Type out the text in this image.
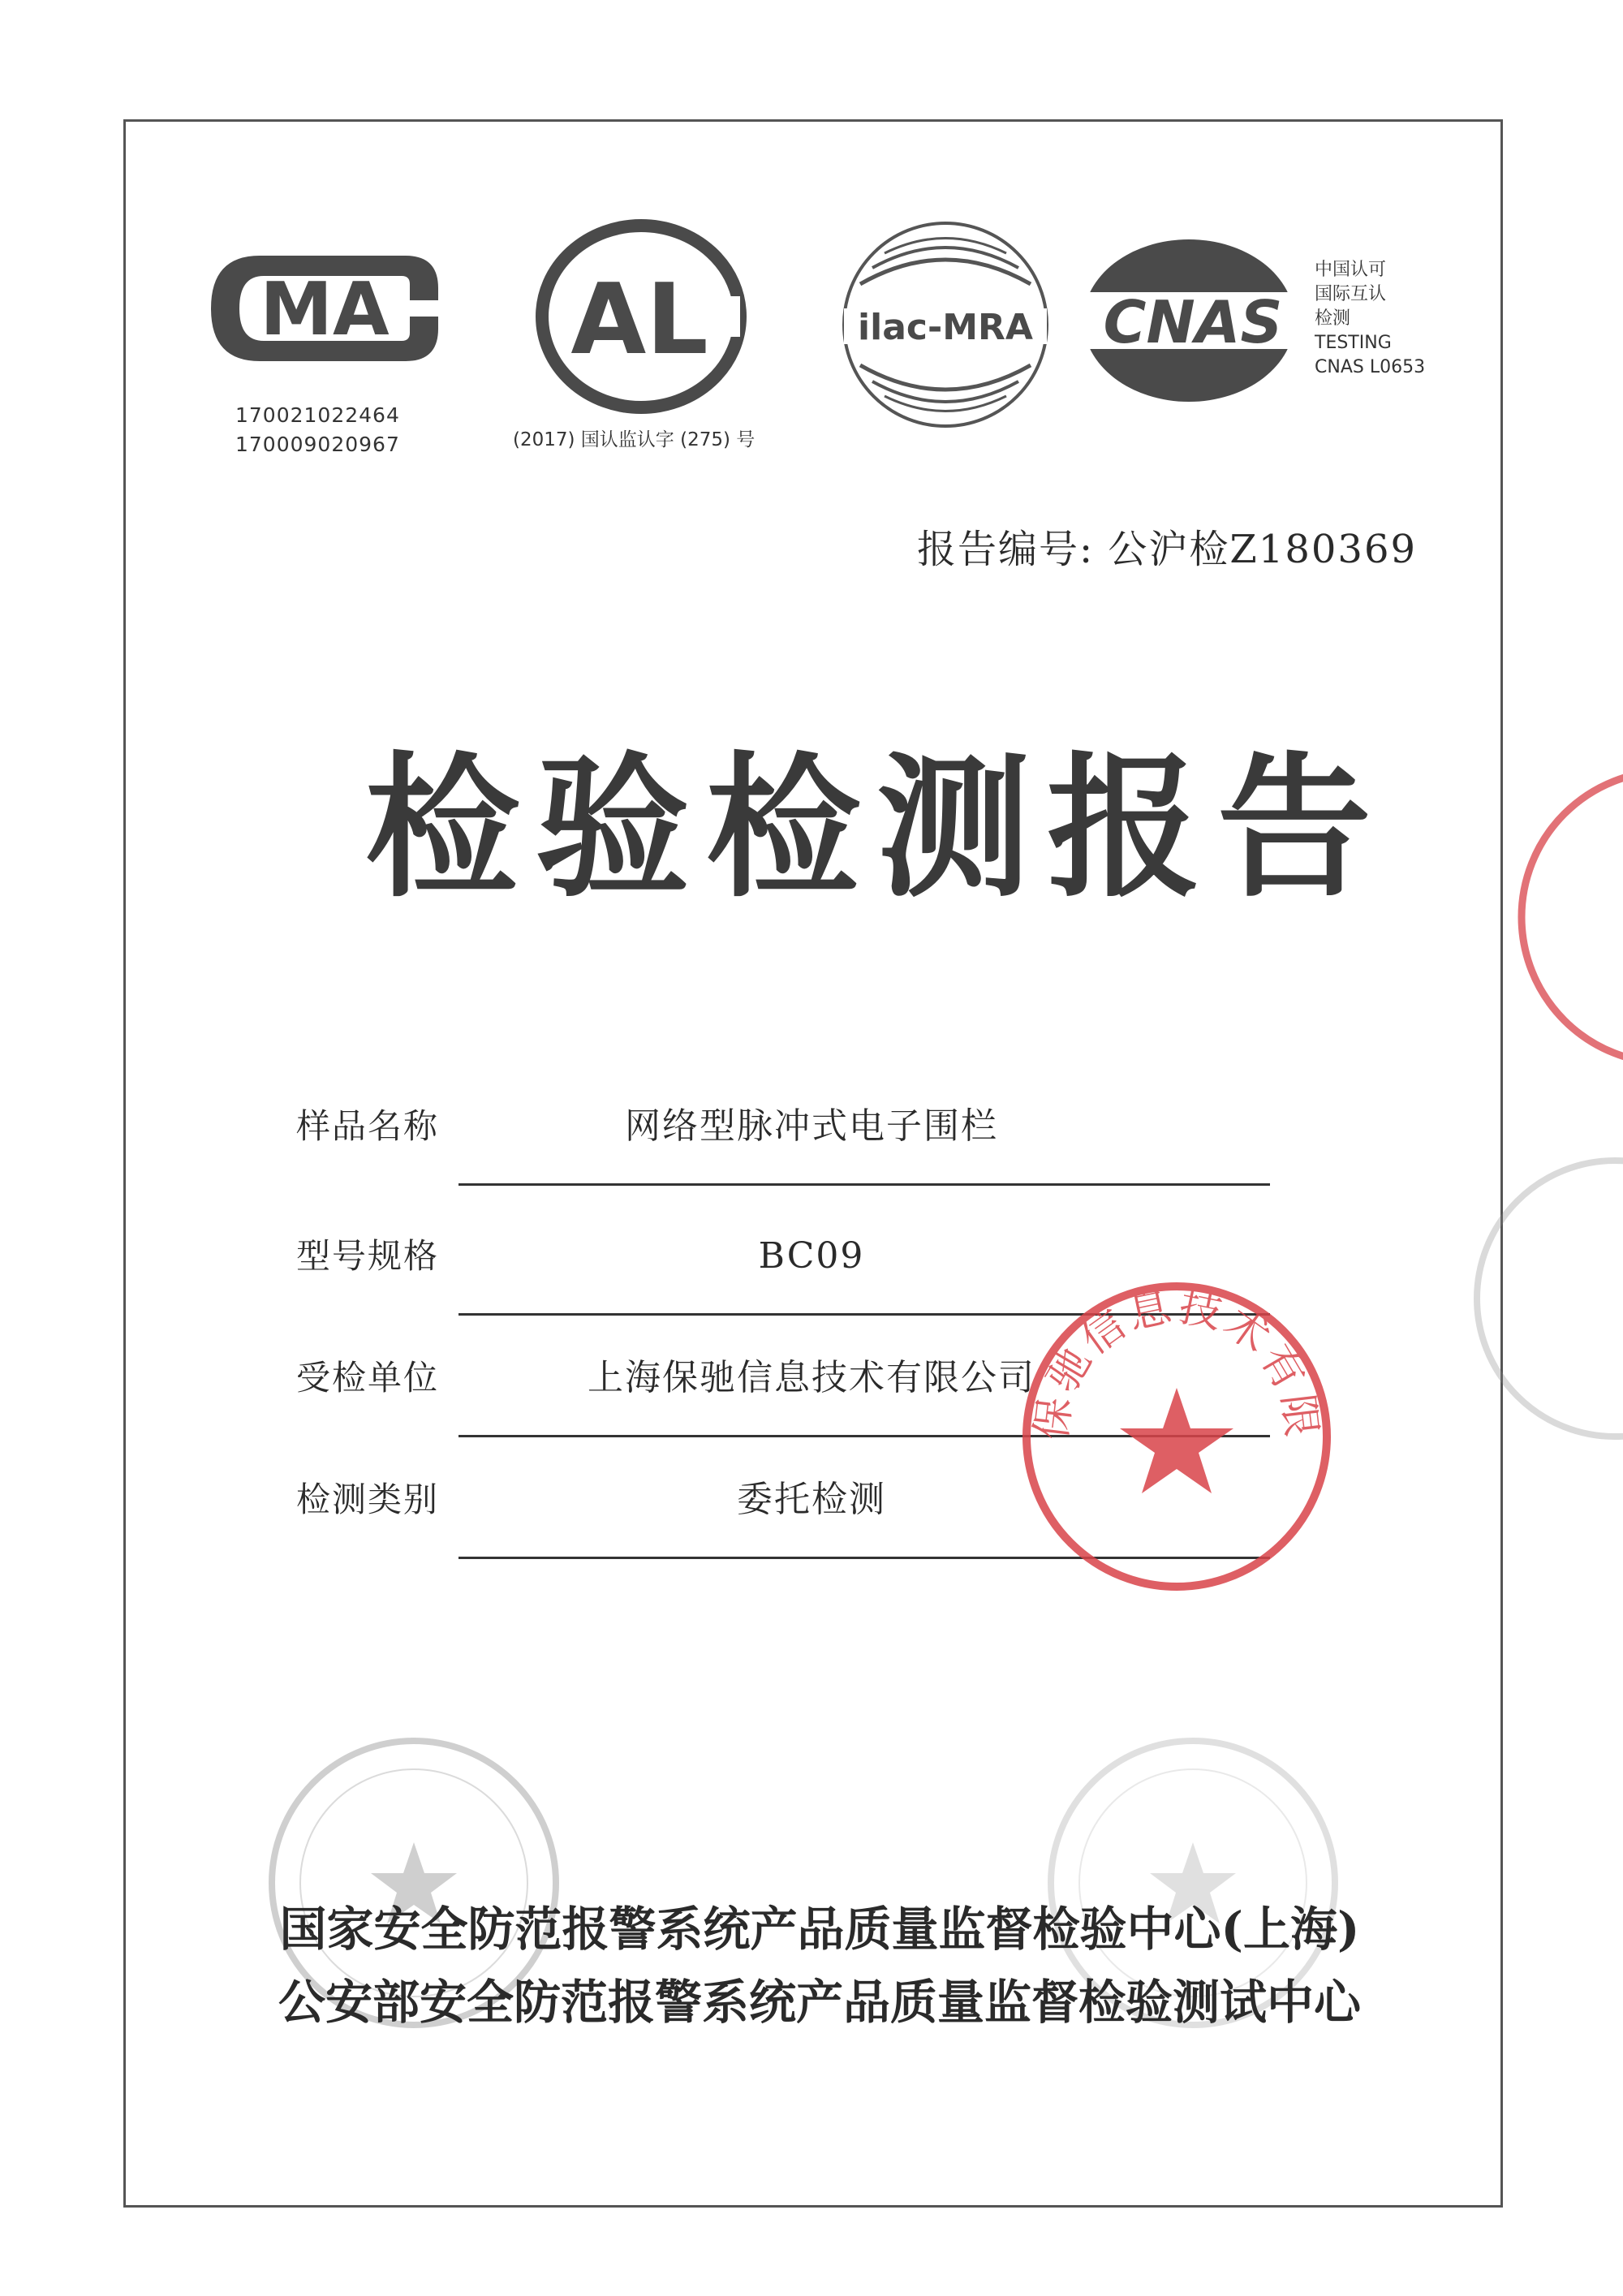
MA
170021022464
170009020967
AL
(2017) 国认监认字 (275) 号
ilac-MRA CNAS
中国认可
国际互认
检测
TESTING
CNAS L0653
报告编号: 公沪检Z180369
检验检测报告
样品名称	网络型脉冲式电子围栏
型号规格	BC09
受检单位	上海保驰信息技术有限公司
检测类别	委托检测
保驰信息技术有限
国家安全防范报警系统产品质量监督检验中心(上海)
公安部安全防范报警系统产品质量监督检验测试中心
